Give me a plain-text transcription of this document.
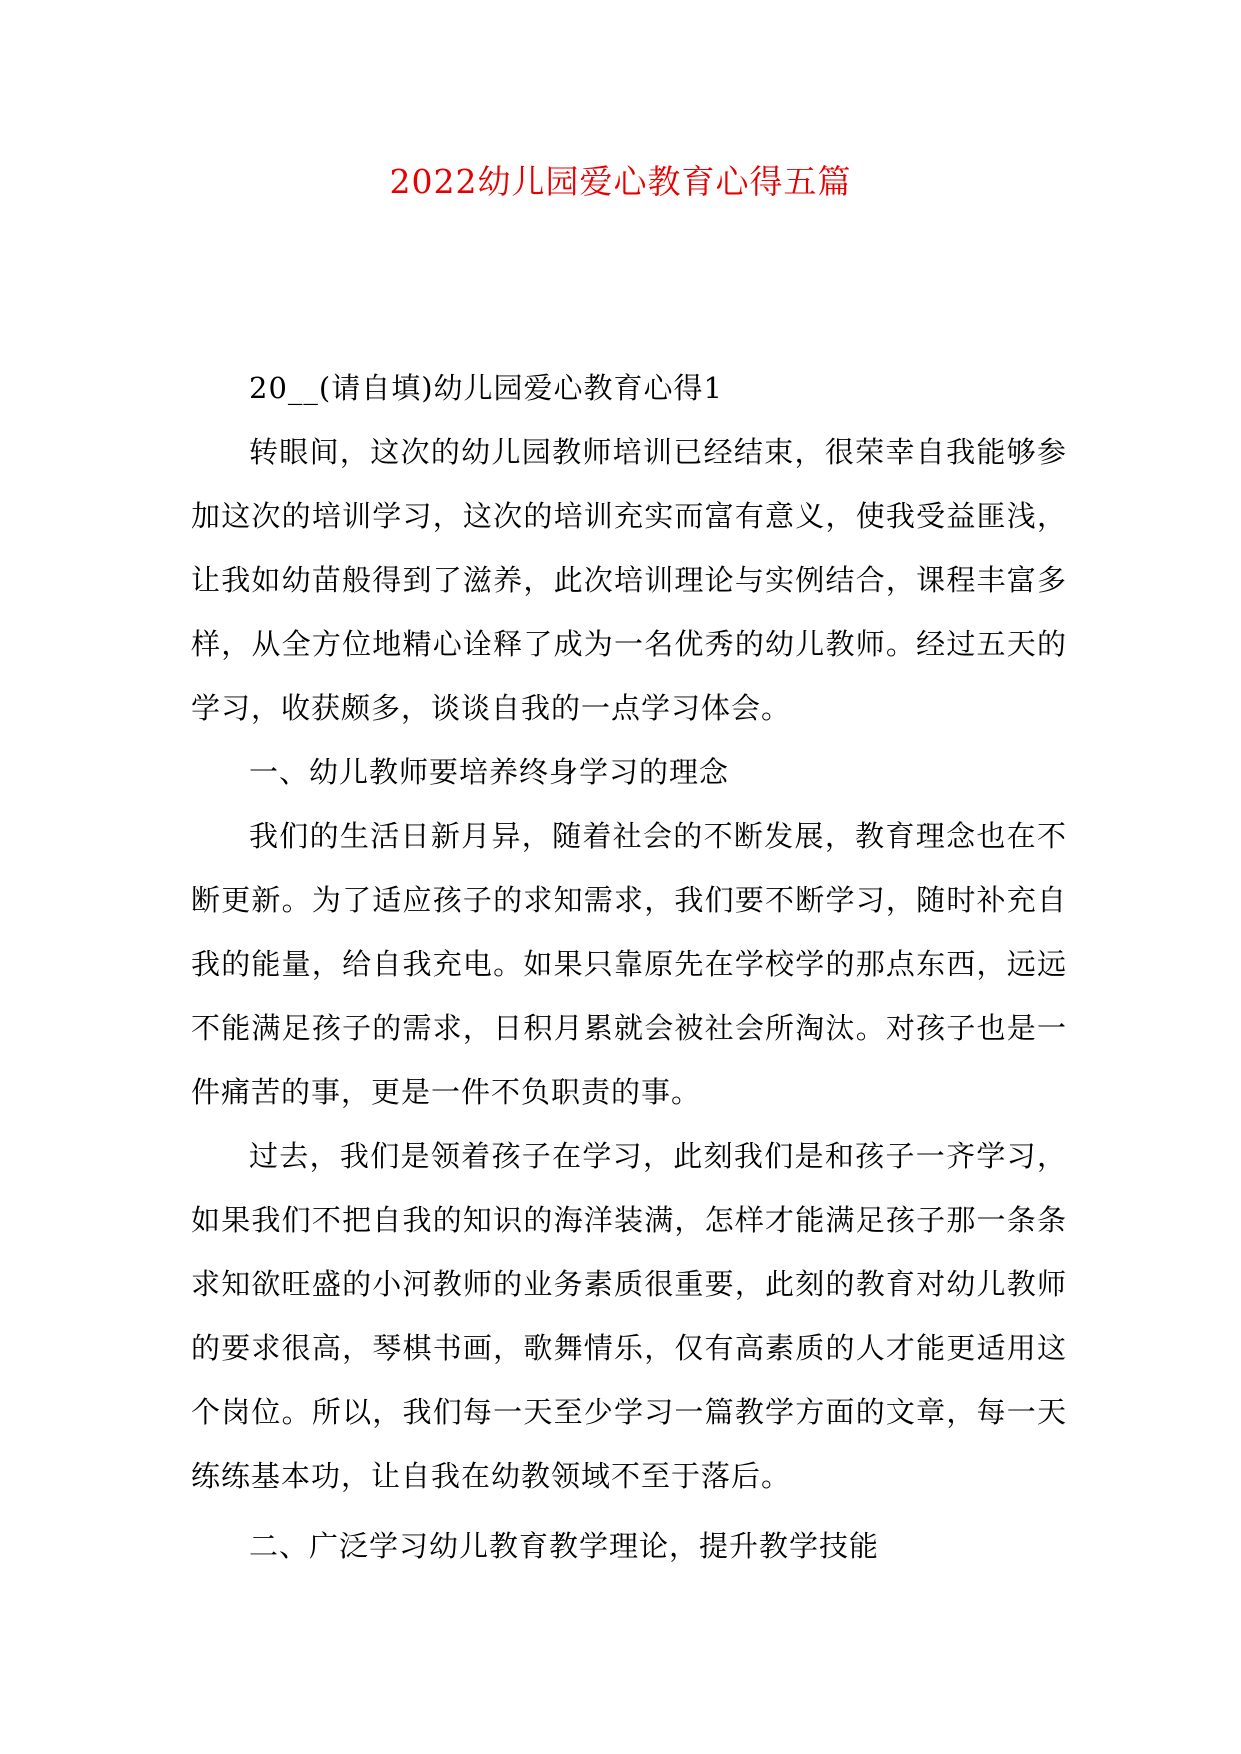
2022幼儿园爱心教育心得五篇

20__(请自填)幼儿园爱心教育心得1

转眼间，这次的幼儿园教师培训已经结束，很荣幸自我能够参加这次的培训学习，这次的培训充实而富有意义，使我受益匪浅，让我如幼苗般得到了滋养，此次培训理论与实例结合，课程丰富多样，从全方位地精心诠释了成为一名优秀的幼儿教师。经过五天的学习，收获颇多，谈谈自我的一点学习体会。

一、幼儿教师要培养终身学习的理念

我们的生活日新月异，随着社会的不断发展，教育理念也在不断更新。为了适应孩子的求知需求，我们要不断学习，随时补充自我的能量，给自我充电。如果只靠原先在学校学的那点东西，远远不能满足孩子的需求，日积月累就会被社会所淘汰。对孩子也是一件痛苦的事，更是一件不负职责的事。

过去，我们是领着孩子在学习，此刻我们是和孩子一齐学习，如果我们不把自我的知识的海洋装满，怎样才能满足孩子那一条条求知欲旺盛的小河教师的业务素质很重要，此刻的教育对幼儿教师的要求很高，琴棋书画，歌舞情乐，仅有高素质的人才能更适用这个岗位。所以，我们每一天至少学习一篇教学方面的文章，每一天练练基本功，让自我在幼教领域不至于落后。

二、广泛学习幼儿教育教学理论，提升教学技能
